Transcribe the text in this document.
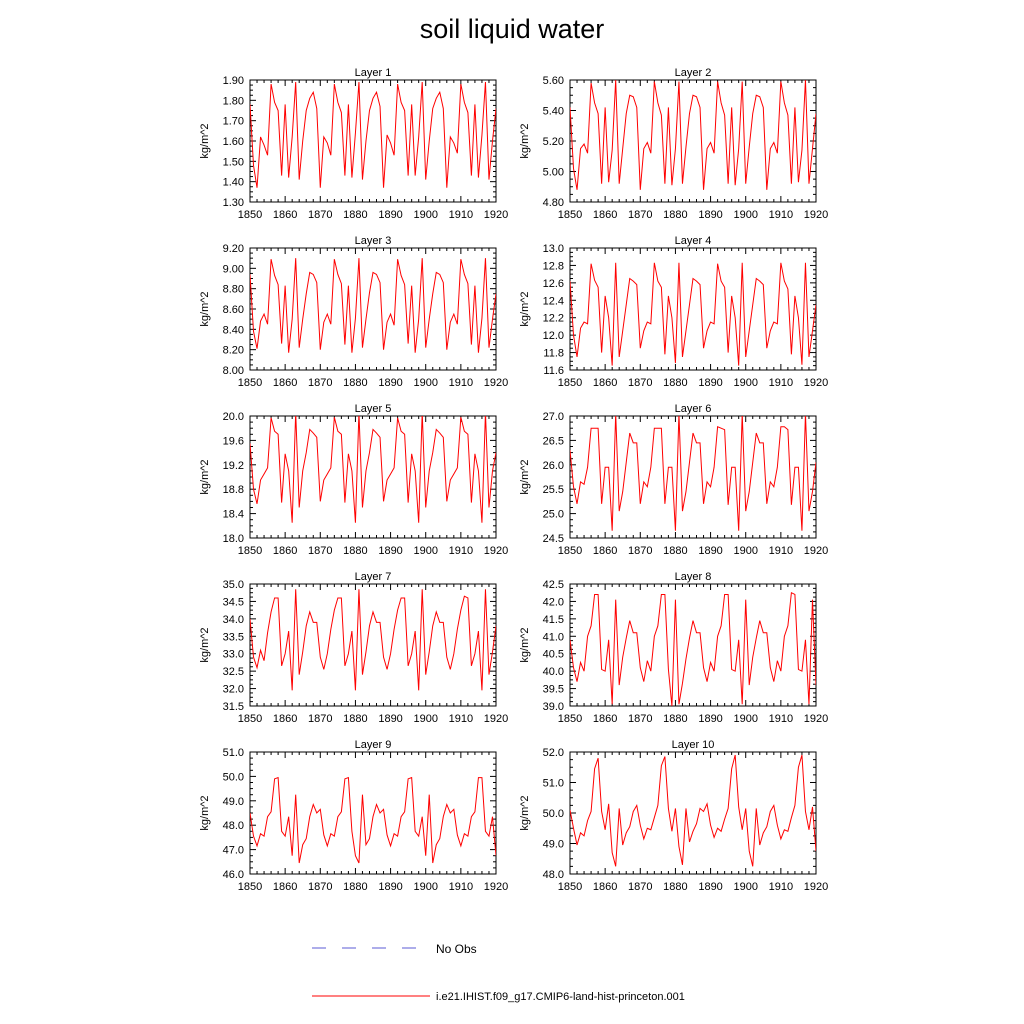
soil liquid water
Layer 1
kg/m^2
1850 1860 1870 1880 1890 1900 1910 1920
1.30
1.40
1.50
1.60
1.70
1.80
1.90
Layer 2
kg/m^2
1850 1860 1870 1880 1890 1900 1910 1920
4.80
5.00
5.20
5.40
5.60
Layer 3
kg/m^2
1850 1860 1870 1880 1890 1900 1910 1920
8.00
8.20
8.40
8.60
8.80
9.00
9.20
Layer 4
kg/m^2
1850 1860 1870 1880 1890 1900 1910 1920
11.6
11.8
12.0
12.2
12.4
12.6
12.8
13.0
Layer 5
kg/m^2
1850 1860 1870 1880 1890 1900 1910 1920
18.0
18.4
18.8
19.2
19.6
20.0
Layer 6
kg/m^2
1850 1860 1870 1880 1890 1900 1910 1920
24.5
25.0
25.5
26.0
26.5
27.0
Layer 7
kg/m^2
1850 1860 1870 1880 1890 1900 1910 1920
31.5
32.0
32.5
33.0
33.5
34.0
34.5
35.0
Layer 8
kg/m^2
1850 1860 1870 1880 1890 1900 1910 1920
39.0
39.5
40.0
40.5
41.0
41.5
42.0
42.5
Layer 9
kg/m^2
1850 1860 1870 1880 1890 1900 1910 1920
46.0
47.0
48.0
49.0
50.0
51.0
Layer 10
kg/m^2
1850 1860 1870 1880 1890 1900 1910 1920
48.0
49.0
50.0
51.0
52.0
No Obs
i.e21.IHIST.f09_g17.CMIP6-land-hist-princeton.001
